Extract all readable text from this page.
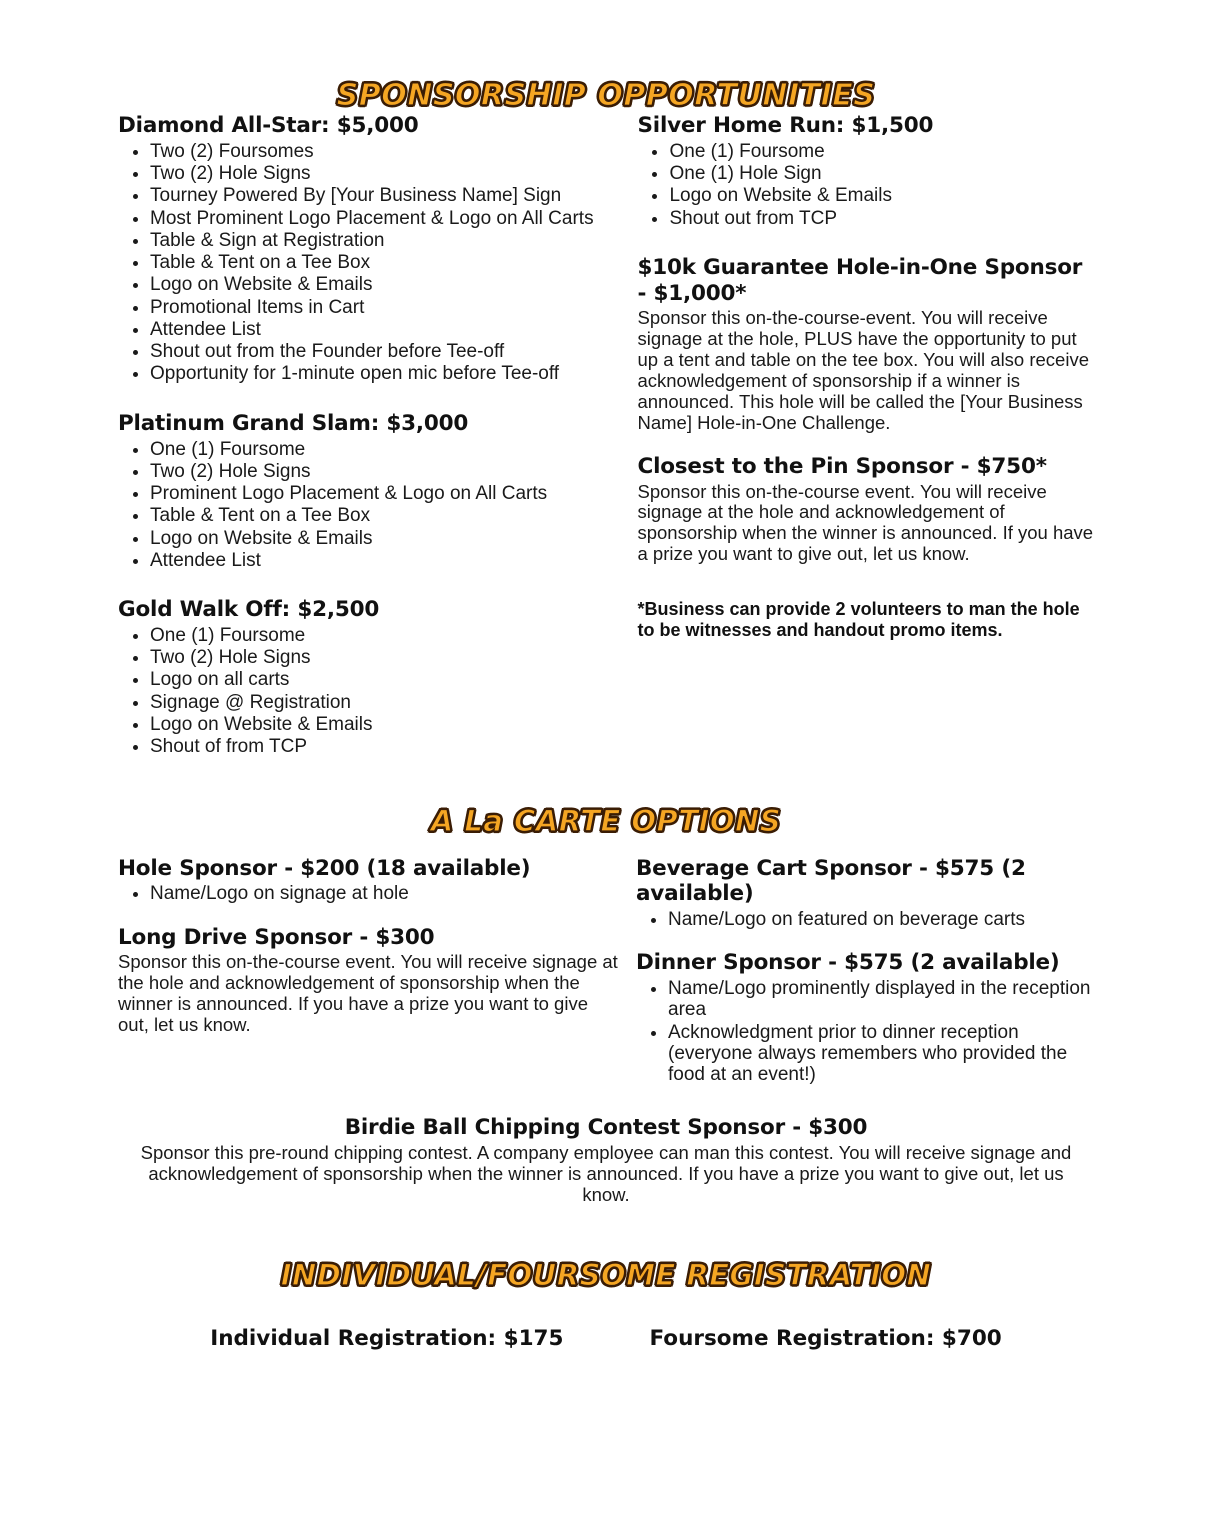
SPONSORSHIP OPPORTUNITIES
Diamond All-Star: $5,000
• Two (2) Foursomes
• Two (2) Hole Signs
• Tourney Powered By [Your Business Name] Sign
• Most Prominent Logo Placement & Logo on All Carts
• Table & Sign at Registration
• Table & Tent on a Tee Box
• Logo on Website & Emails
• Promotional Items in Cart
• Attendee List
• Shout out from the Founder before Tee-off
• Opportunity for 1-minute open mic before Tee-off
Platinum Grand Slam: $3,000
• One (1) Foursome
• Two (2) Hole Signs
• Prominent Logo Placement & Logo on All Carts
• Table & Tent on a Tee Box
• Logo on Website & Emails
• Attendee List
Gold Walk Off: $2,500
• One (1) Foursome
• Two (2) Hole Signs
• Logo on all carts
• Signage @ Registration
• Logo on Website & Emails
• Shout of from TCP
Silver Home Run: $1,500
• One (1) Foursome
• One (1) Hole Sign
• Logo on Website & Emails
• Shout out from TCP
$10k Guarantee Hole-in-One Sponsor - $1,000*

Sponsor this on-the-course-event. You will receive signage at the hole, PLUS have the opportunity to put up a tent and table on the tee box. You will also receive acknowledgement of sponsorship if a winner is announced. This hole will be called the [Your Business Name] Hole-in-One Challenge.

Closest to the Pin Sponsor - $750*

Sponsor this on-the-course event. You will receive signage at the hole and acknowledgement of sponsorship when the winner is announced. If you have a prize you want to give out, let us know.

*Business can provide 2 volunteers to man the hole to be witnesses and handout promo items.
A La CARTE OPTIONS
Hole Sponsor - $200 (18 available)
• Name/Logo on signage at hole
Long Drive Sponsor - $300

Sponsor this on-the-course event. You will receive signage at the hole and acknowledgement of sponsorship when the winner is announced. If you have a prize you want to give out, let us know.

Beverage Cart Sponsor - $575 (2 available)
• Name/Logo on featured on beverage carts
Dinner Sponsor - $575 (2 available)
• Name/Logo prominently displayed in the reception area
• Acknowledgment prior to dinner reception (everyone always remembers who provided the food at an event!)
Birdie Ball Chipping Contest Sponsor - $300

Sponsor this pre-round chipping contest. A company employee can man this contest. You will receive signage and acknowledgement of sponsorship when the winner is announced. If you have a prize you want to give out, let us know.

INDIVIDUAL/FOURSOME REGISTRATION
Individual Registration: $175	Foursome Registration: $700
